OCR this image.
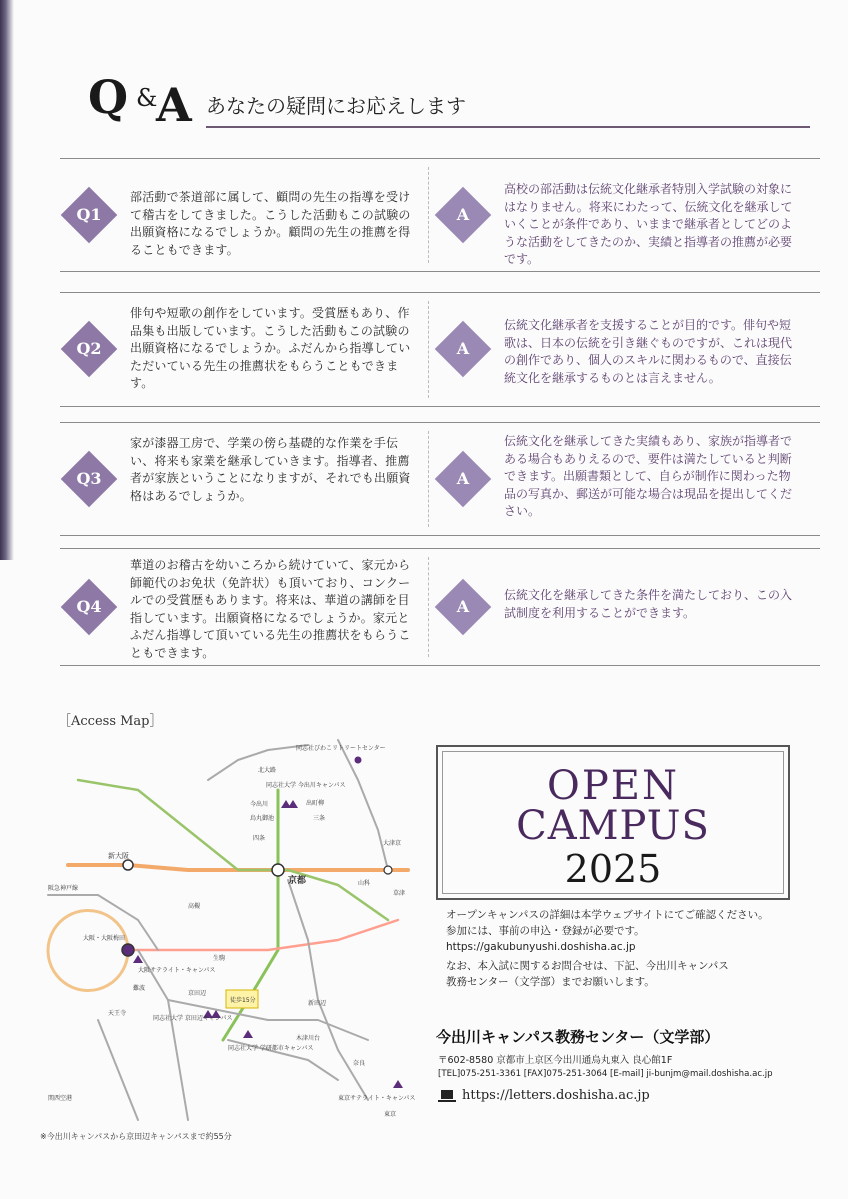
Q &
A あなたの疑問にお応えします
Q1
部活動で茶道部に属して、顧問の先生の指導を受けて稽古をしてきました。こうした活動もこの試験の出願資格になるでしょうか。顧問の先生の推薦を得ることもできます。
A
高校の部活動は伝統文化継承者特別入学試験の対象にはなりません。将来にわたって、伝統文化を継承していくことが条件であり、いままで継承者としてどのような活動をしてきたのか、実績と指導者の推薦が必要です。
Q2
俳句や短歌の創作をしています。受賞歴もあり、作品集も出版しています。こうした活動もこの試験の出願資格になるでしょうか。ふだんから指導していただいている先生の推薦状をもらうこともできます。
A
伝統文化継承者を支援することが目的です。俳句や短歌は、日本の伝統を引き継ぐものですが、これは現代の創作であり、個人のスキルに関わるもので、直接伝統文化を継承するものとは言えません。
Q3
家が漆器工房で、学業の傍ら基礎的な作業を手伝い、将来も家業を継承していきます。指導者、推薦者が家族ということになりますが、それでも出願資格はあるでしょうか。
A
伝統文化を継承してきた実績もあり、家族が指導者である場合もありえるので、要件は満たしていると判断できます。出願書類として、自らが制作に関わった物品の写真か、郵送が可能な場合は現品を提出してください。
Q4
華道のお稽古を幼いころから続けていて、家元から師範代のお免状（免許状）も頂いており、コンクールでの受賞歴もあります。将来は、華道の講師を目指しています。出願資格になるでしょうか。家元とふだん指導して頂いている先生の推薦状をもらうこともできます。
A
伝統文化を継承してきた条件を満たしており、この入試制度を利用することができます。
［Access Map］
徒歩15分
同志社大学 今出川キャンパス
同志社大学 京田辺キャンパス
同志社大学 学研都市キャンパス
大阪サテライト・キャンパス
東京サテライト・キャンパス
同志社びわこリトリートセンター
京都
新大阪
大阪・大阪梅田
難波
天王寺
山科
草津
大津京
奈良
木津川台
京田辺
新田辺
阪急神戸線
関西空港
三条
四条
烏丸御池
出町柳
今出川
東京
北大路
高槻
生駒
※今出川キャンパスから京田辺キャンパスまで約55分
OPEN
CAMPUS
2025
オープンキャンパスの詳細は本学ウェブサイトにてご確認ください。
参加には、事前の申込・登録が必要です。
https://gakubunyushi.doshisha.ac.jp
なお、本入試に関するお問合せは、下記、今出川キャンパス
教務センター（文学部）までお願いします。
今出川キャンパス教務センター（文学部）
〒602-8580 京都市上京区今出川通烏丸東入 良心館1F
[TEL]075-251-3361 [FAX]075-251-3064 [E-mail] ji-bunjm@mail.doshisha.ac.jp
https://letters.doshisha.ac.jp
